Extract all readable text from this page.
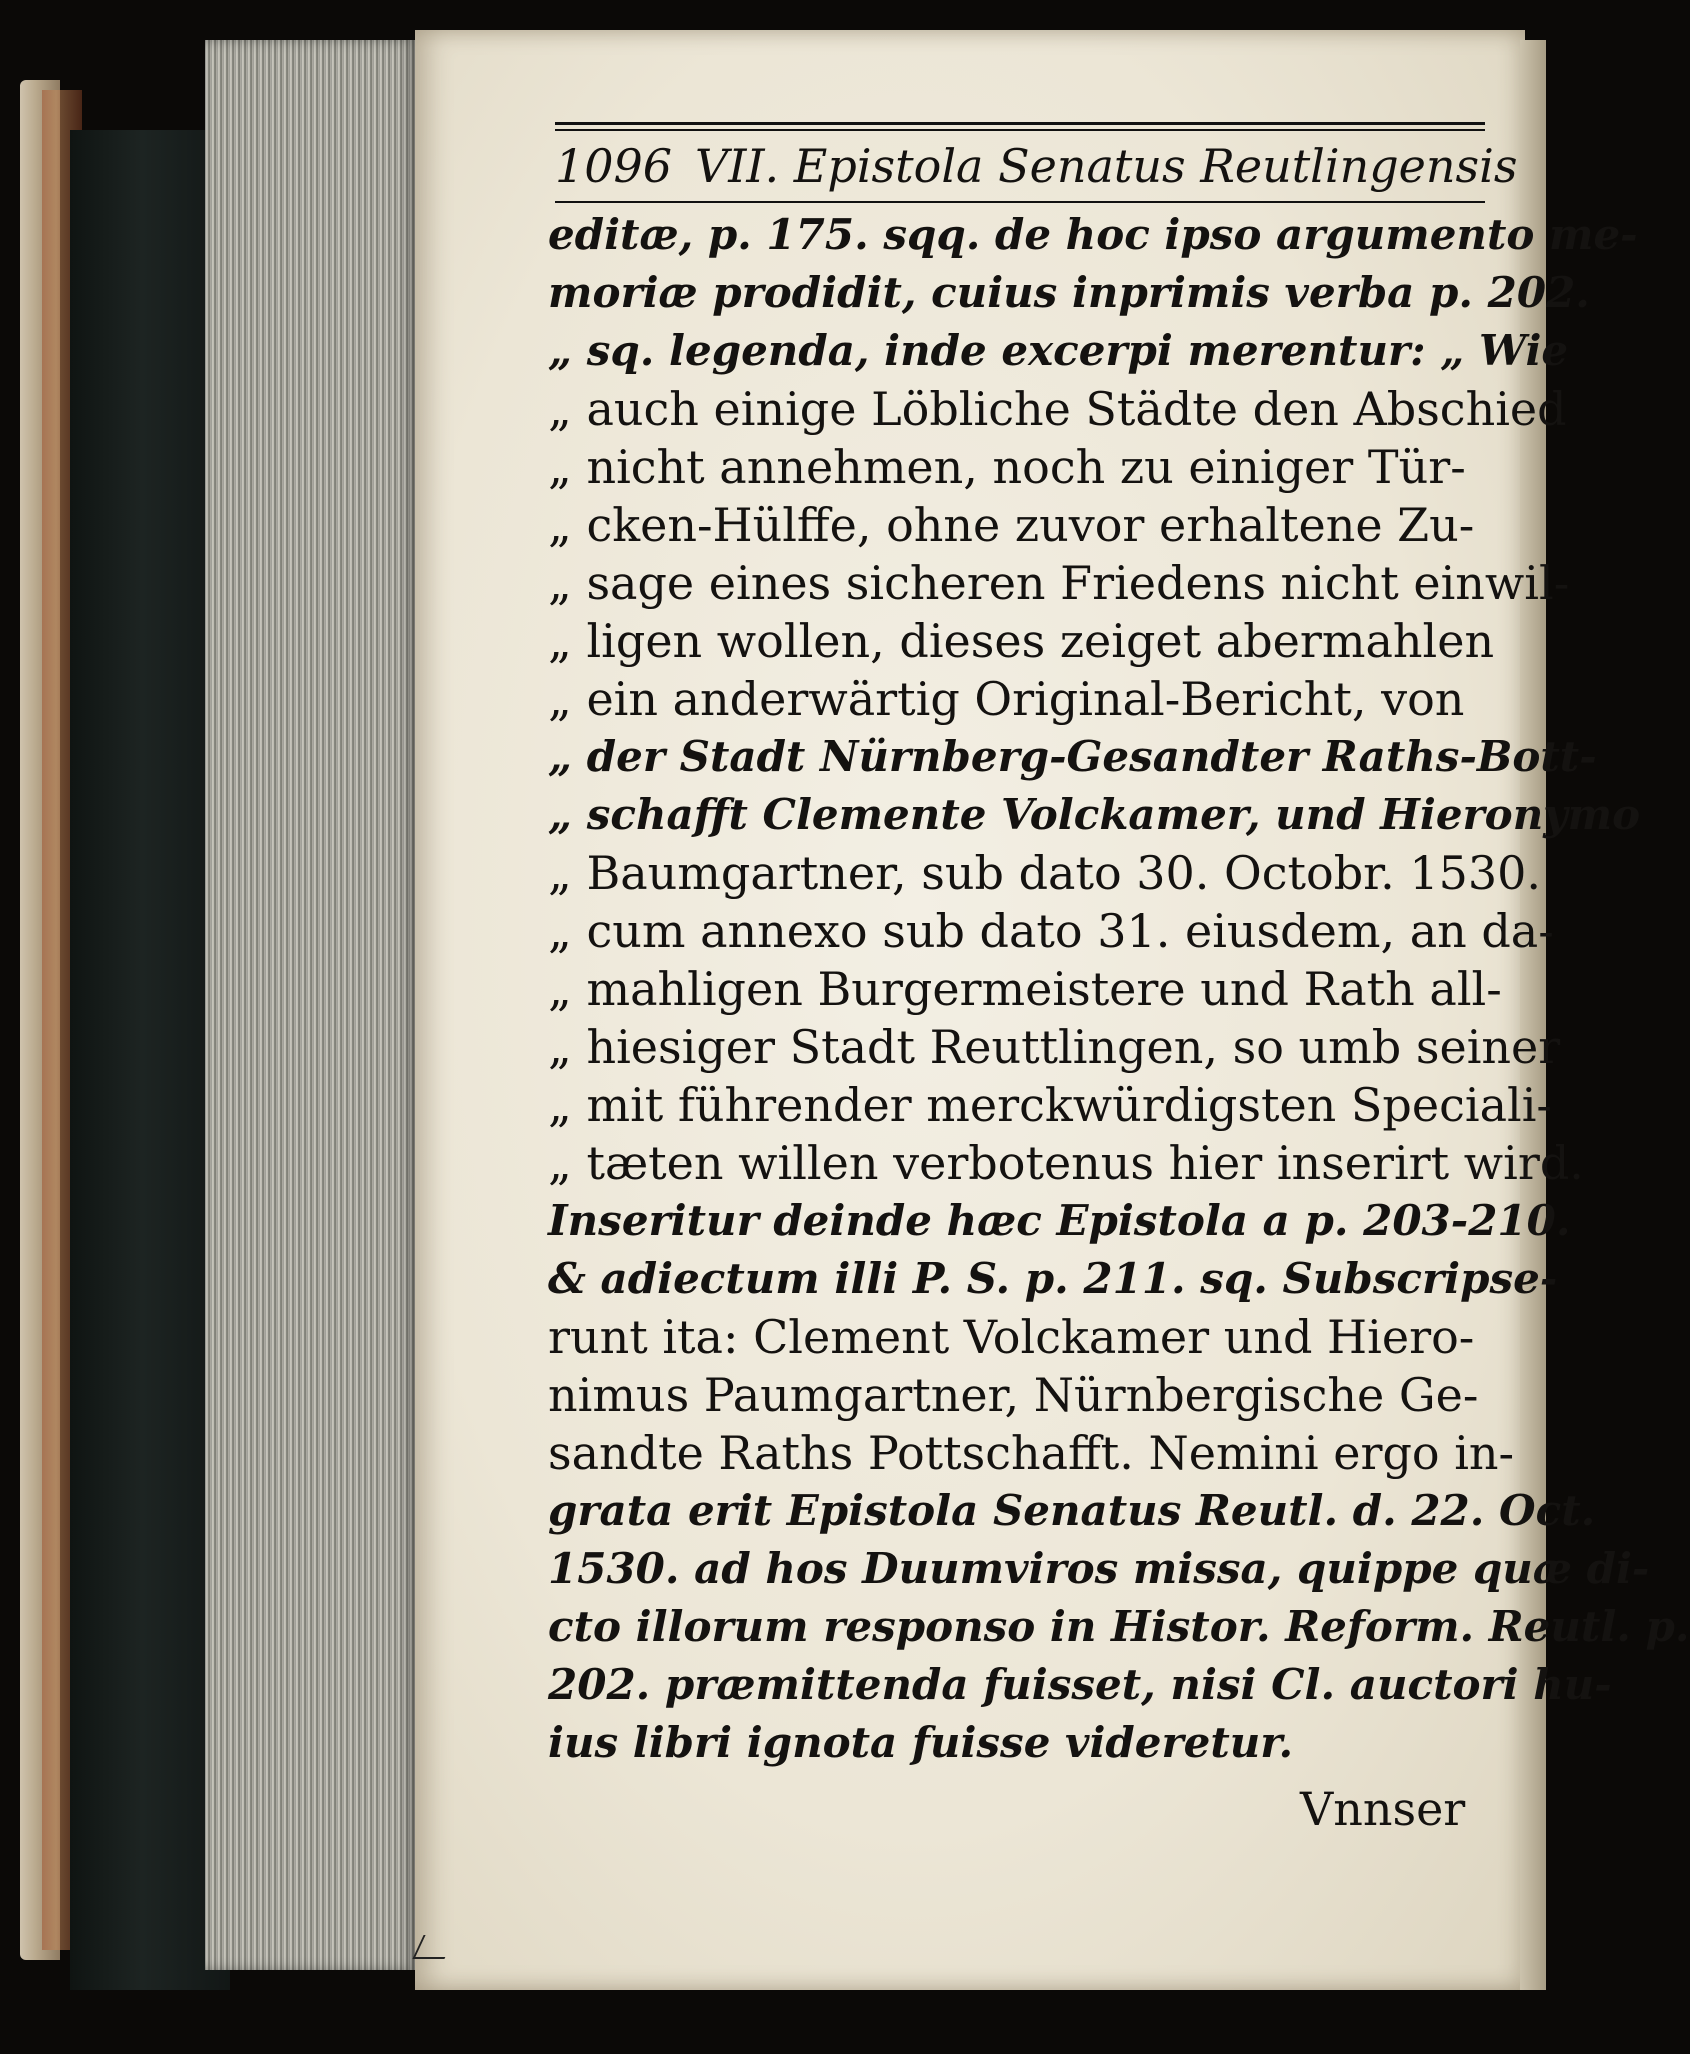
1096 VII. Epistola Senatus Reutlingensis
editæ, p. 175. sqq. de hoc ipso argumento me-
moriæ prodidit, cuius inprimis verba p. 202.
„ sq. legenda, inde excerpi merentur: „ Wie
„ auch einige Löbliche Städte den Abschied
„ nicht annehmen, noch zu einiger Tür-
„ cken-Hülffe, ohne zuvor erhaltene Zu-
„ sage eines sicheren Friedens nicht einwil-
„ ligen wollen, dieses zeiget abermahlen
„ ein anderwärtig Original-Bericht, von
„ der Stadt Nürnberg-Gesandter Raths-Bott-
„ schafft Clemente Volckamer, und Hieronymo
„ Baumgartner, sub dato 30. Octobr. 1530.
„ cum annexo sub dato 31. eiusdem, an da-
„ mahligen Burgermeistere und Rath all-
„ hiesiger Stadt Reuttlingen, so umb seiner
„ mit führender merckwürdigsten Speciali-
„ tæten willen verbotenus hier inserirt wird.
Inseritur deinde hæc Epistola a p. 203-210.
& adiectum illi P. S. p. 211. sq. Subscripse-
runt ita: Clement Volckamer und Hiero-
nimus Paumgartner, Nürnbergische Ge-
sandte Raths Pottschafft. Nemini ergo in-
grata erit Epistola Senatus Reutl. d. 22. Oct.
1530. ad hos Duumviros missa, quippe quæ di-
cto illorum responso in Histor. Reform. Reutl. p.
202. præmittenda fuisset, nisi Cl. auctori hu-
ius libri ignota fuisse videretur.
Vnnser
